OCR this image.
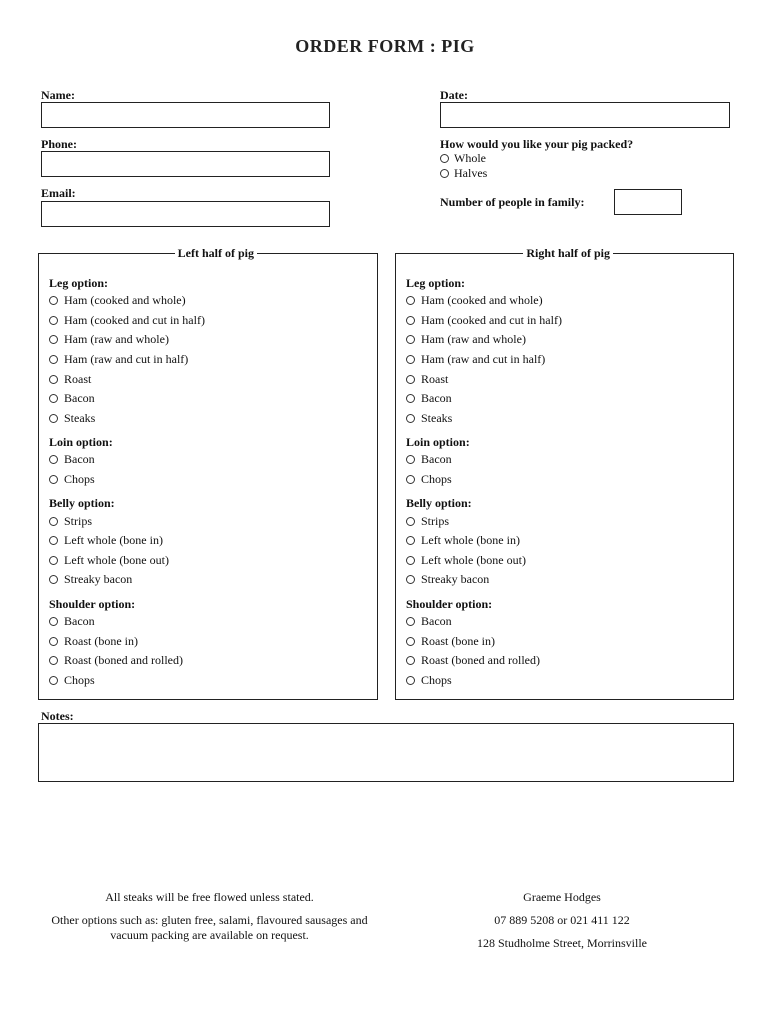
ORDER FORM : PIG
Name:
Phone:
Email:
Date:
How would you like your pig packed?
Whole
Halves
Number of people in family:
Left half of pig
Leg option:
Ham (cooked and whole)
Ham (cooked and cut in half)
Ham (raw and whole)
Ham (raw and cut in half)
Roast
Bacon
Steaks
Loin option:
Bacon
Chops
Belly option:
Strips
Left whole (bone in)
Left whole (bone out)
Streaky bacon
Shoulder option:
Bacon
Roast (bone in)
Roast (boned and rolled)
Chops
Right half of pig
Leg option:
Ham (cooked and whole)
Ham (cooked and cut in half)
Ham (raw and whole)
Ham (raw and cut in half)
Roast
Bacon
Steaks
Loin option:
Bacon
Chops
Belly option:
Strips
Left whole (bone in)
Left whole (bone out)
Streaky bacon
Shoulder option:
Bacon
Roast (bone in)
Roast (boned and rolled)
Chops
Notes:
All steaks will be free flowed unless stated.
Other options such as: gluten free, salami, flavoured sausages and vacuum packing are available on request.
Graeme Hodges
07 889 5208 or 021 411 122
128 Studholme Street, Morrinsville
